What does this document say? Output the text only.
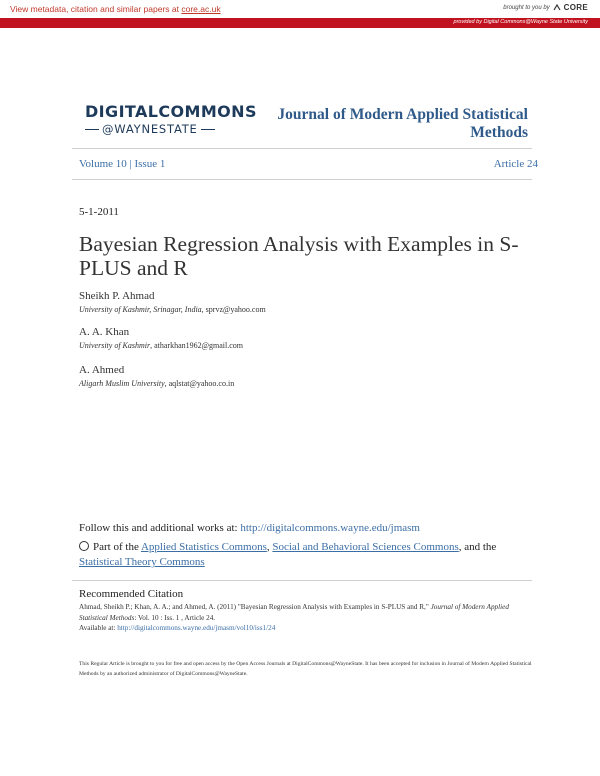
View metadata, citation and similar papers at core.ac.uk	brought to you by CORE
provided by Digital Commons@Wayne State University
DIGITALCOMMONS
@WAYNESTATE
Journal of Modern Applied Statistical Methods
Volume 10 | Issue 1	Article 24
5-1-2011
Bayesian Regression Analysis with Examples in S-PLUS and R
Sheikh P. Ahmad
University of Kashmir, Srinagar, India, sprvz@yahoo.com
A. A. Khan
University of Kashmir, atharkhan1962@gmail.com
A. Ahmed
Aligarh Muslim University, aqlstat@yahoo.co.in
Follow this and additional works at: http://digitalcommons.wayne.edu/jmasm
Part of the Applied Statistics Commons, Social and Behavioral Sciences Commons, and the Statistical Theory Commons
Recommended Citation
Ahmad, Sheikh P.; Khan, A. A.; and Ahmed, A. (2011) "Bayesian Regression Analysis with Examples in S-PLUS and R," Journal of Modern Applied Statistical Methods: Vol. 10 : Iss. 1 , Article 24.
Available at: http://digitalcommons.wayne.edu/jmasm/vol10/iss1/24
This Regular Article is brought to you for free and open access by the Open Access Journals at DigitalCommons@WayneState. It has been accepted for inclusion in Journal of Modern Applied Statistical Methods by an authorized administrator of DigitalCommons@WayneState.
